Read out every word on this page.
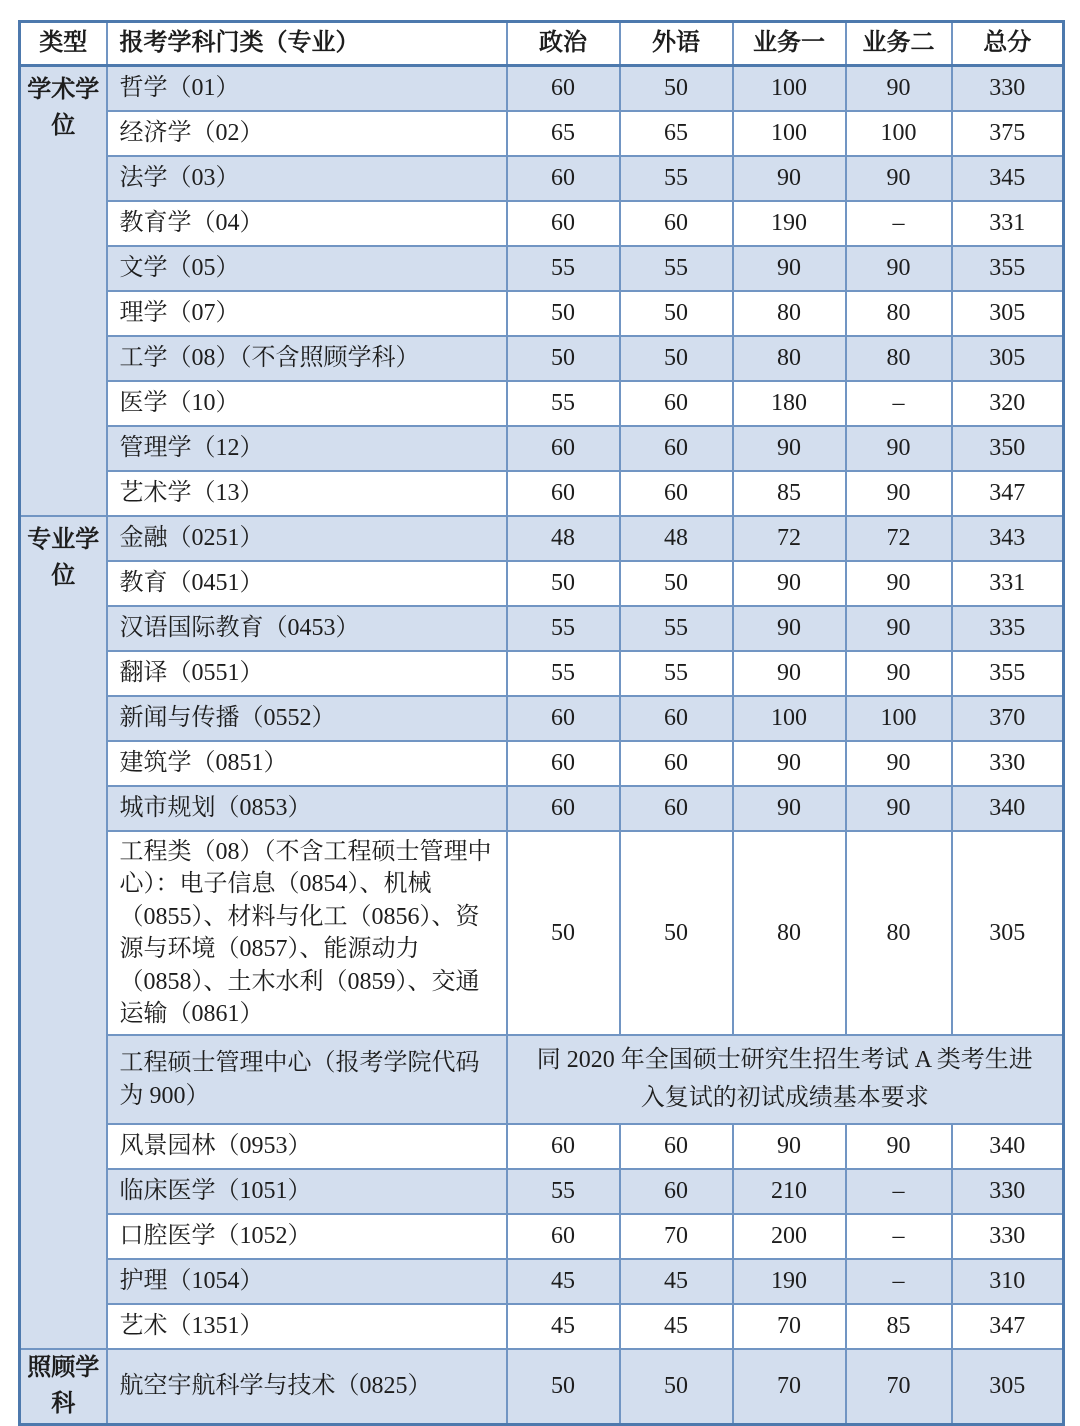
类型	报考学科门类（专业）	政治	外语	业务一	业务二	总分
学术学位	哲学（01）	60	50	100	90	330
	经济学（02）	65	65	100	100	375
	法学（03）	60	55	90	90	345
	教育学（04）	60	60	190	–	331
	文学（05）	55	55	90	90	355
	理学（07）	50	50	80	80	305
	工学（08）（不含照顾学科）	50	50	80	80	305
	医学（10）	55	60	180	–	320
	管理学（12）	60	60	90	90	350
	艺术学（13）	60	60	85	90	347
专业学位	金融（0251）	48	48	72	72	343
	教育（0451）	50	50	90	90	331
	汉语国际教育（0453）	55	55	90	90	335
	翻译（0551）	55	55	90	90	355
	新闻与传播（0552）	60	60	100	100	370
	建筑学（0851）	60	60	90	90	330
	城市规划（0853）	60	60	90	90	340
	工程类（08）（不含工程硕士管理中心）：电子信息（0854）、机械（0855）、材料与化工（0856）、资源与环境（0857）、能源动力（0858）、土木水利（0859）、交通运输（0861）	50	50	80	80	305
	工程硕士管理中心（报考学院代码为 900）	同 2020 年全国硕士研究生招生考试 A 类考生进入复试的初试成绩基本要求				
	风景园林（0953）	60	60	90	90	340
	临床医学（1051）	55	60	210	–	330
	口腔医学（1052）	60	70	200	–	330
	护理（1054）	45	45	190	–	310
	艺术（1351）	45	45	70	85	347
照顾学科	航空宇航科学与技术（0825）	50	50	70	70	305
